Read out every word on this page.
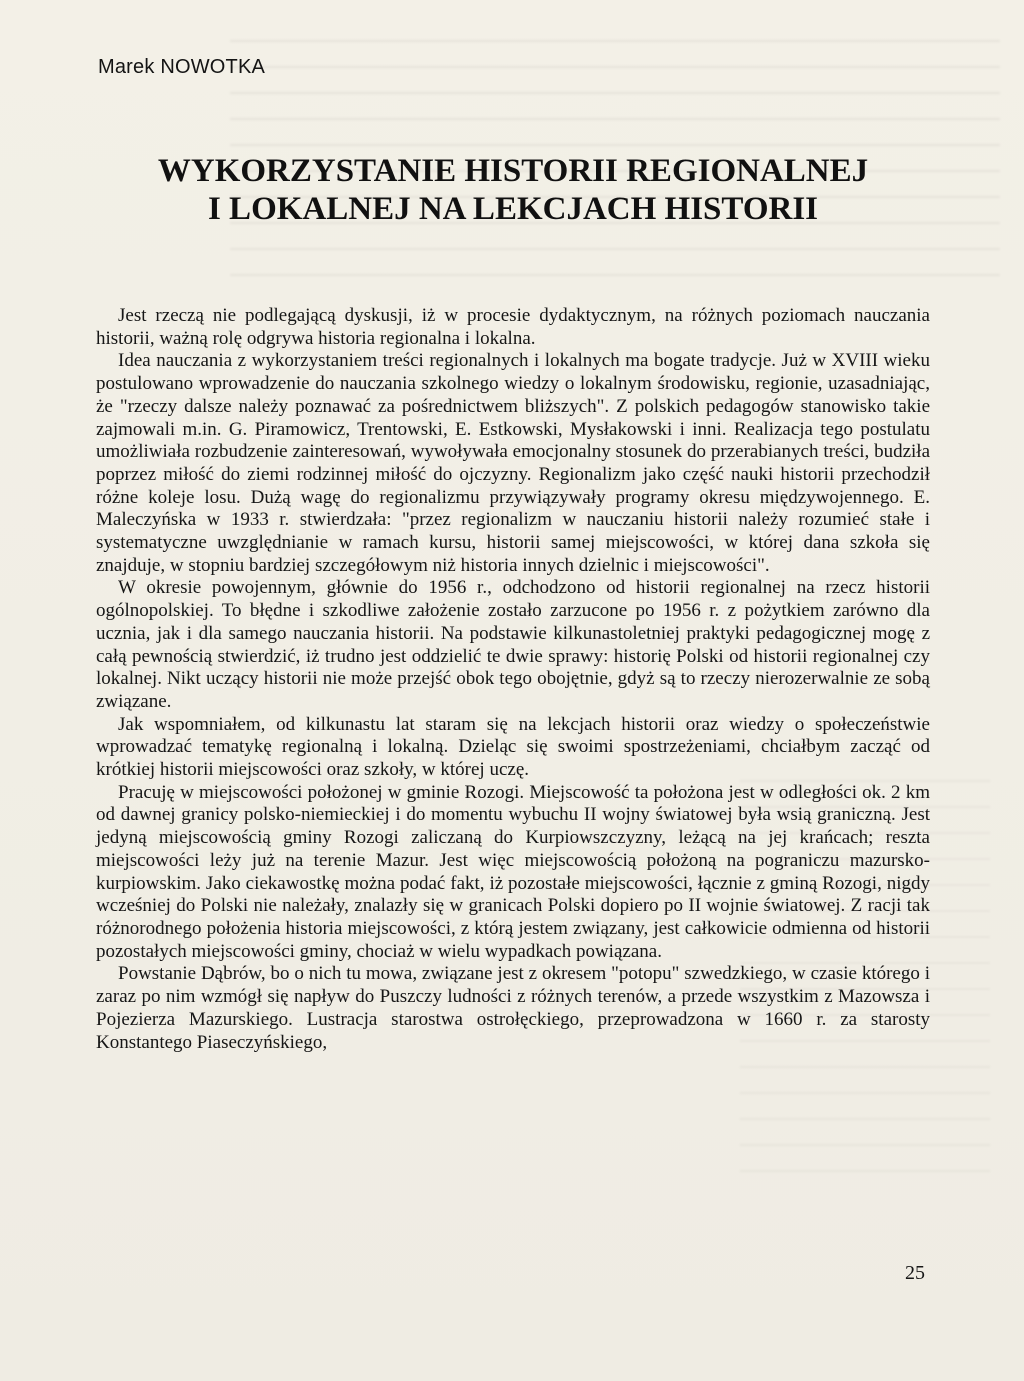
Marek NOWOTKA
WYKORZYSTANIE HISTORII REGIONALNEJ
I LOKALNEJ NA LEKCJACH HISTORII

Jest rzeczą nie podlegającą dyskusji, iż w procesie dydaktycznym, na różnych poziomach nauczania historii, ważną rolę odgrywa historia regionalna i lokalna.

Idea nauczania z wykorzystaniem treści regionalnych i lokalnych ma bogate tradycje. Już w XVIII wieku postulowano wprowadzenie do nauczania szkolnego wiedzy o lokalnym środowisku, regionie, uzasadniając, że "rzeczy dalsze należy poznawać za pośrednictwem bliższych". Z polskich pedagogów stanowisko takie zajmowali m.in. G. Piramowicz, Trentowski, E. Estkowski, Mysłakowski i inni. Realizacja tego postulatu umożliwiała rozbudzenie zainteresowań, wywoływała emocjonalny stosunek do przerabianych treści, budziła poprzez miłość do ziemi rodzinnej miłość do ojczyzny. Regionalizm jako część nauki historii przechodził różne koleje losu. Dużą wagę do regionalizmu przywiązywały programy okresu międzywojennego. E. Maleczyńska w 1933 r. stwierdzała: "przez regionalizm w nauczaniu historii należy rozumieć stałe i systematyczne uwzględnianie w ramach kursu, historii samej miejscowości, w której dana szkoła się znajduje, w stopniu bardziej szczegółowym niż historia innych dzielnic i miejscowości".

W okresie powojennym, głównie do 1956 r., odchodzono od historii regionalnej na rzecz historii ogólnopolskiej. To błędne i szkodliwe założenie zostało zarzucone po 1956 r. z pożytkiem zarówno dla ucznia, jak i dla samego nauczania historii. Na podstawie kilkunastoletniej praktyki pedagogicznej mogę z całą pewnością stwierdzić, iż trudno jest oddzielić te dwie sprawy: historię Polski od historii regionalnej czy lokalnej. Nikt uczący historii nie może przejść obok tego obojętnie, gdyż są to rzeczy nierozerwalnie ze sobą związane.

Jak wspomniałem, od kilkunastu lat staram się na lekcjach historii oraz wiedzy o społeczeństwie wprowadzać tematykę regionalną i lokalną. Dzieląc się swoimi spostrzeżeniami, chciałbym zacząć od krótkiej historii miejscowości oraz szkoły, w której uczę.

Pracuję w miejscowości położonej w gminie Rozogi. Miejscowość ta położona jest w odległości ok. 2 km od dawnej granicy polsko-niemieckiej i do momentu wybuchu II wojny światowej była wsią graniczną. Jest jedyną miejscowością gminy Rozogi zaliczaną do Kurpiowszczyzny, leżącą na jej krańcach; reszta miejscowości leży już na terenie Mazur. Jest więc miejscowością położoną na pograniczu mazursko-kurpiowskim. Jako ciekawostkę można podać fakt, iż pozostałe miejscowości, łącznie z gminą Rozogi, nigdy wcześniej do Polski nie należały, znalazły się w granicach Polski dopiero po II wojnie światowej. Z racji tak różnorodnego położenia historia miejscowości, z którą jestem związany, jest całkowicie odmienna od historii pozostałych miejscowości gminy, chociaż w wielu wypadkach powiązana.

Powstanie Dąbrów, bo o nich tu mowa, związane jest z okresem "potopu" szwedzkiego, w czasie którego i zaraz po nim wzmógł się napływ do Puszczy ludności z różnych terenów, a przede wszystkim z Mazowsza i Pojezierza Mazurskiego. Lustracja starostwa ostrołęckiego, przeprowadzona w 1660 r. za starosty Konstantego Piaseczyńskiego,

25
